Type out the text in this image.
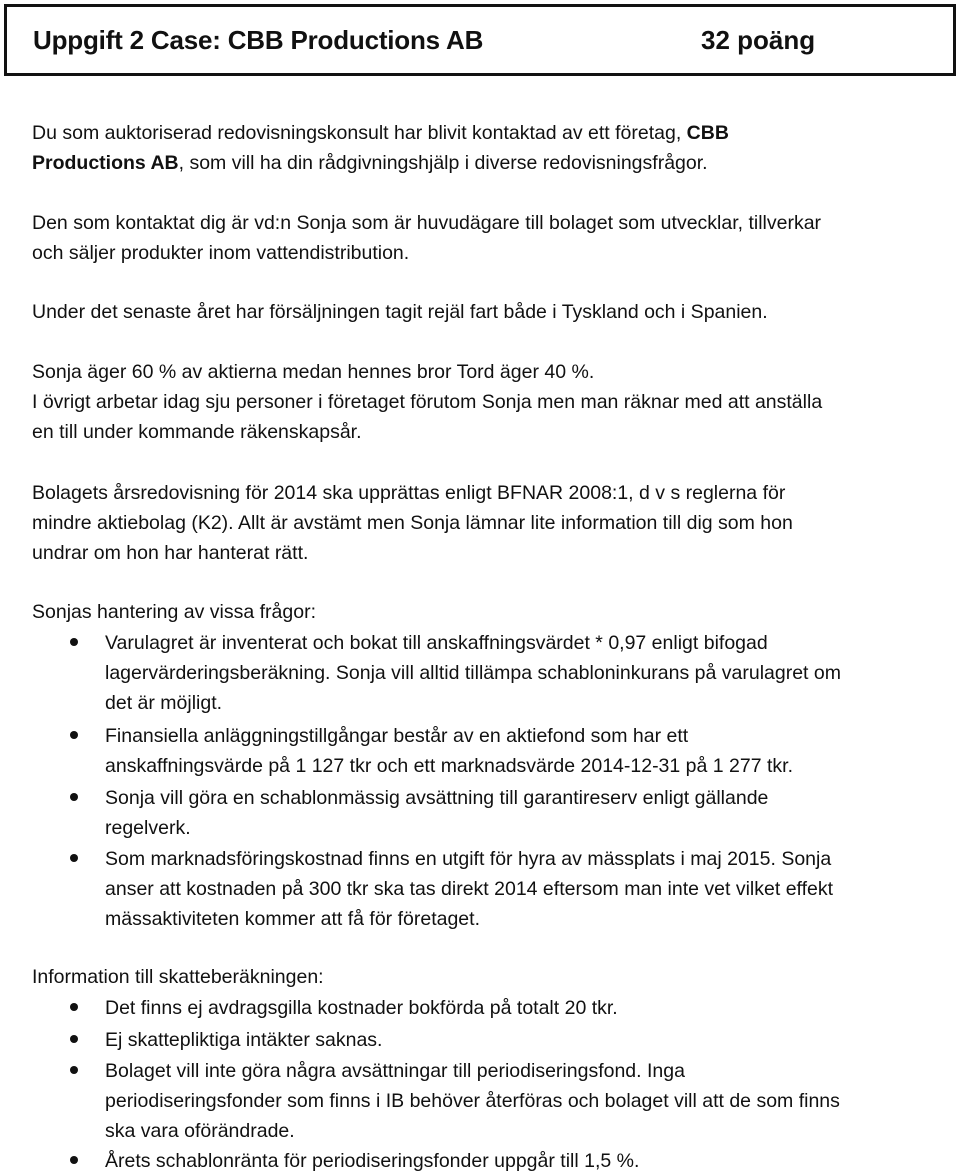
Uppgift 2 Case: CBB Productions AB	32 poäng

Du som auktoriserad redovisningskonsult har blivit kontaktad av ett företag, CBB
Productions AB, som vill ha din rådgivningshjälp i diverse redovisningsfrågor.

Den som kontaktat dig är vd:n Sonja som är huvudägare till bolaget som utvecklar, tillverkar
och säljer produkter inom vattendistribution.

Under det senaste året har försäljningen tagit rejäl fart både i Tyskland och i Spanien.

Sonja äger 60 % av aktierna medan hennes bror Tord äger 40 %.

I övrigt arbetar idag sju personer i företaget förutom Sonja men man räknar med att anställa
en till under kommande räkenskapsår.

Bolagets årsredovisning för 2014 ska upprättas enligt BFNAR 2008:1, d v s reglerna för
mindre aktiebolag (K2). Allt är avstämt men Sonja lämnar lite information till dig som hon
undrar om hon har hanterat rätt.

Sonjas hantering av vissa frågor:

Varulagret är inventerat och bokat till anskaffningsvärdet * 0,97 enligt bifogad
lagervärderingsberäkning. Sonja vill alltid tillämpa schabloninkurans på varulagret om
det är möjligt.

Finansiella anläggningstillgångar består av en aktiefond som har ett
anskaffningsvärde på 1 127 tkr och ett marknadsvärde 2014-12-31 på 1 277 tkr.

Sonja vill göra en schablonmässig avsättning till garantireserv enligt gällande
regelverk.

Som marknadsföringskostnad finns en utgift för hyra av mässplats i maj 2015. Sonja
anser att kostnaden på 300 tkr ska tas direkt 2014 eftersom man inte vet vilket effekt
mässaktiviteten kommer att få för företaget.

Information till skatteberäkningen:

Det finns ej avdragsgilla kostnader bokförda på totalt 20 tkr.

Ej skattepliktiga intäkter saknas.

Bolaget vill inte göra några avsättningar till periodiseringsfond. Inga
periodiseringsfonder som finns i IB behöver återföras och bolaget vill att de som finns
ska vara oförändrade.

Årets schablonränta för periodiseringsfonder uppgår till 1,5 %.
